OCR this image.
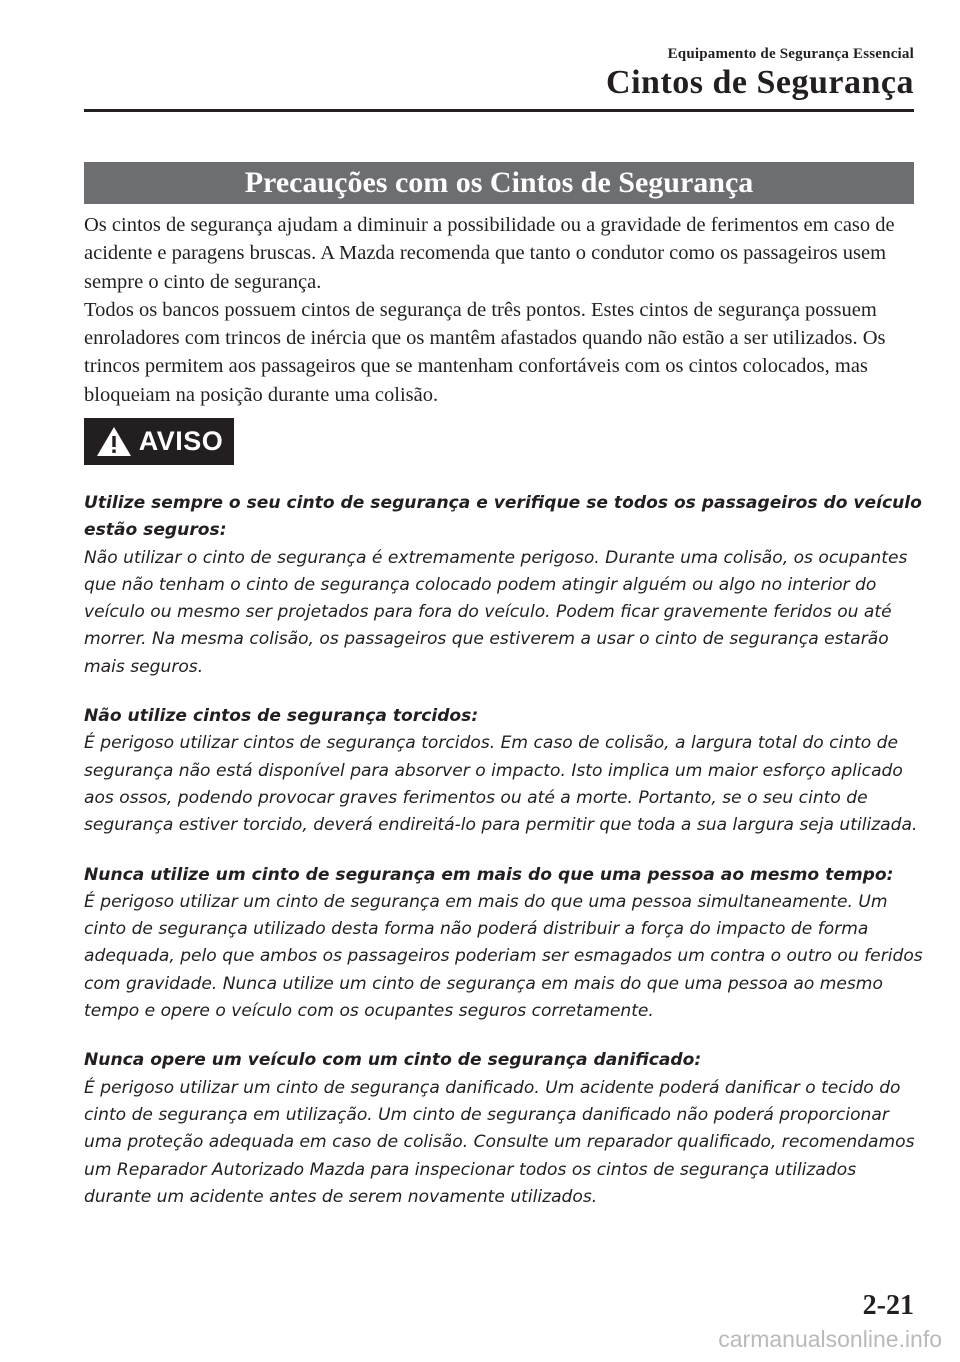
Equipamento de Segurança Essencial
Cintos de Segurança
Precauções com os Cintos de Segurança

Os cintos de segurança ajudam a diminuir a possibilidade ou a gravidade de ferimentos em caso de acidente e paragens bruscas. A Mazda recomenda que tanto o condutor como os passageiros usem sempre o cinto de segurança.

Todos os bancos possuem cintos de segurança de três pontos. Estes cintos de segurança possuem enroladores com trincos de inércia que os mantêm afastados quando não estão a ser utilizados. Os trincos permitem aos passageiros que se mantenham confortáveis com os cintos colocados, mas bloqueiam na posição durante uma colisão.

AVISO

Utilize sempre o seu cinto de segurança e verifique se todos os passageiros do veículo estão seguros:

Não utilizar o cinto de segurança é extremamente perigoso. Durante uma colisão, os ocupantes que não tenham o cinto de segurança colocado podem atingir alguém ou algo no interior do veículo ou mesmo ser projetados para fora do veículo. Podem ficar gravemente feridos ou até morrer. Na mesma colisão, os passageiros que estiverem a usar o cinto de segurança estarão mais seguros.

Não utilize cintos de segurança torcidos:

É perigoso utilizar cintos de segurança torcidos. Em caso de colisão, a largura total do cinto de segurança não está disponível para absorver o impacto. Isto implica um maior esforço aplicado aos ossos, podendo provocar graves ferimentos ou até a morte. Portanto, se o seu cinto de segurança estiver torcido, deverá endireitá-lo para permitir que toda a sua largura seja utilizada.

Nunca utilize um cinto de segurança em mais do que uma pessoa ao mesmo tempo:

É perigoso utilizar um cinto de segurança em mais do que uma pessoa simultaneamente. Um cinto de segurança utilizado desta forma não poderá distribuir a força do impacto de forma adequada, pelo que ambos os passageiros poderiam ser esmagados um contra o outro ou feridos com gravidade. Nunca utilize um cinto de segurança em mais do que uma pessoa ao mesmo tempo e opere o veículo com os ocupantes seguros corretamente.

Nunca opere um veículo com um cinto de segurança danificado:

É perigoso utilizar um cinto de segurança danificado. Um acidente poderá danificar o tecido do cinto de segurança em utilização. Um cinto de segurança danificado não poderá proporcionar uma proteção adequada em caso de colisão. Consulte um reparador qualificado, recomendamos um Reparador Autorizado Mazda para inspecionar todos os cintos de segurança utilizados durante um acidente antes de serem novamente utilizados.

2-21
carmanualsonline.info
